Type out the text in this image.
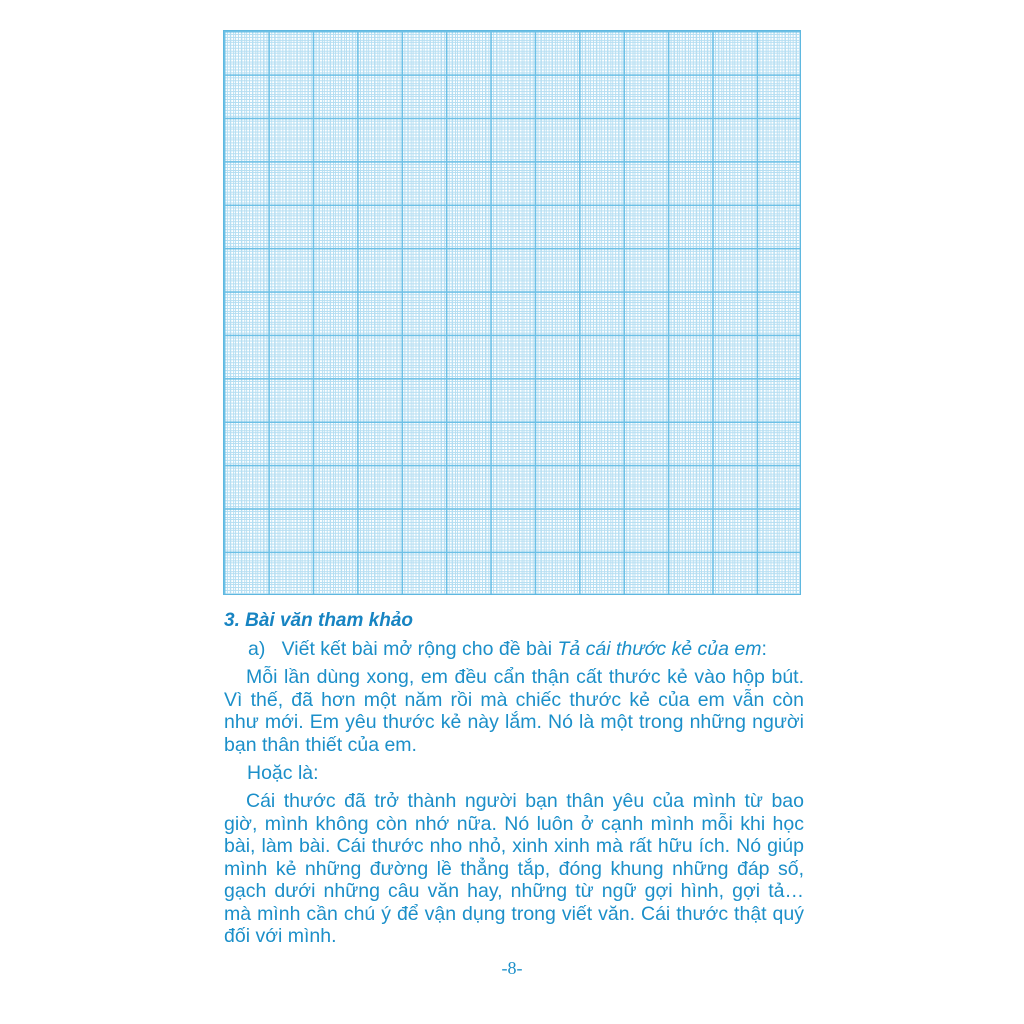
3. Bài văn tham khảo

a) Viết kết bài mở rộng cho đề bài Tả cái thước kẻ của em:

Mỗi lần dùng xong, em đều cẩn thận cất thước kẻ vào hộp bút. Vì thế, đã hơn một năm rồi mà chiếc thước kẻ của em vẫn còn như mới. Em yêu thước kẻ này lắm. Nó là một trong những người bạn thân thiết của em.

Hoặc là:

Cái thước đã trở thành người bạn thân yêu của mình từ bao giờ, mình không còn nhớ nữa. Nó luôn ở cạnh mình mỗi khi học bài, làm bài. Cái thước nho nhỏ, xinh xinh mà rất hữu ích. Nó giúp mình kẻ những đường lề thẳng tắp, đóng khung những đáp số, gạch dưới những câu văn hay, những từ ngữ gợi hình, gợi tả… mà mình cần chú ý để vận dụng trong viết văn. Cái thước thật quý đối với mình.

-8-
